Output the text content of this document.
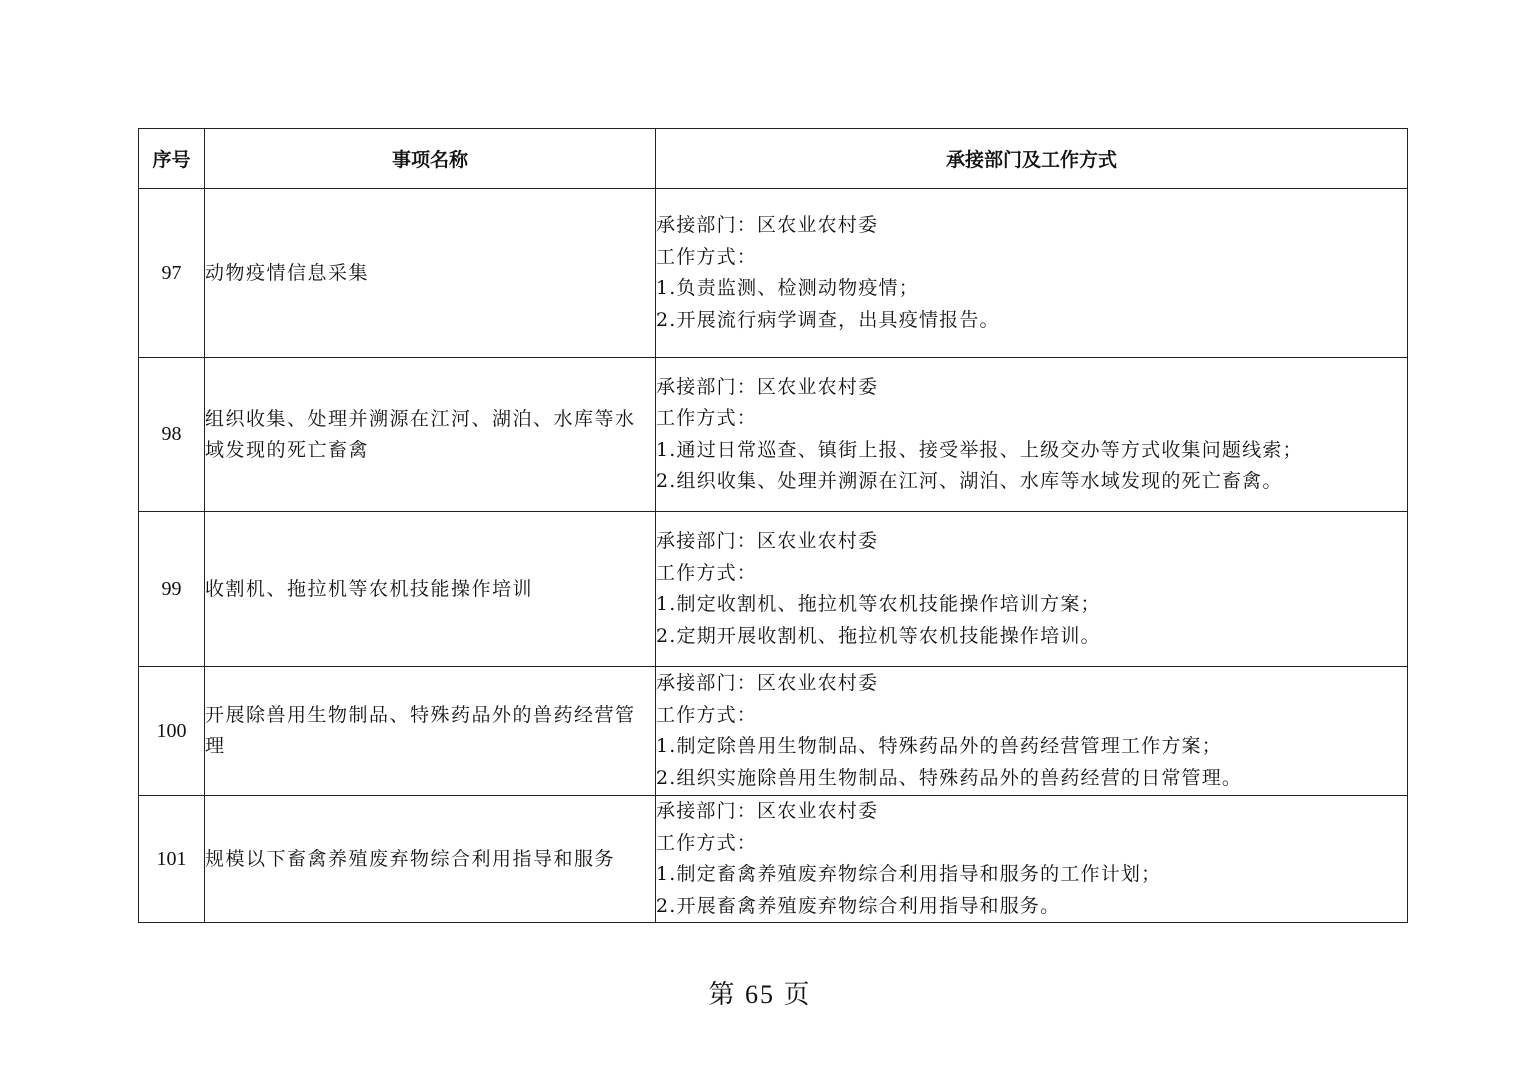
序号	事项名称	承接部门及工作方式
97	动物疫情信息采集	承接部门：区农业农村委
工作方式：
1.负责监测、检测动物疫情；
2.开展流行病学调查，出具疫情报告。

98	组织收集、处理并溯源在江河、湖泊、水库等水域发现的死亡畜禽	承接部门：区农业农村委
工作方式：
1.通过日常巡查、镇街上报、接受举报、上级交办等方式收集问题线索；
2.组织收集、处理并溯源在江河、湖泊、水库等水域发现的死亡畜禽。

99	收割机、拖拉机等农机技能操作培训	承接部门：区农业农村委
工作方式：
1.制定收割机、拖拉机等农机技能操作培训方案；
2.定期开展收割机、拖拉机等农机技能操作培训。

100	开展除兽用生物制品、特殊药品外的兽药经营管理	承接部门：区农业农村委
工作方式：
1.制定除兽用生物制品、特殊药品外的兽药经营管理工作方案；
2.组织实施除兽用生物制品、特殊药品外的兽药经营的日常管理。

101	规模以下畜禽养殖废弃物综合利用指导和服务	承接部门：区农业农村委
工作方式：
1.制定畜禽养殖废弃物综合利用指导和服务的工作计划；
2.开展畜禽养殖废弃物综合利用指导和服务。
第 65 页
